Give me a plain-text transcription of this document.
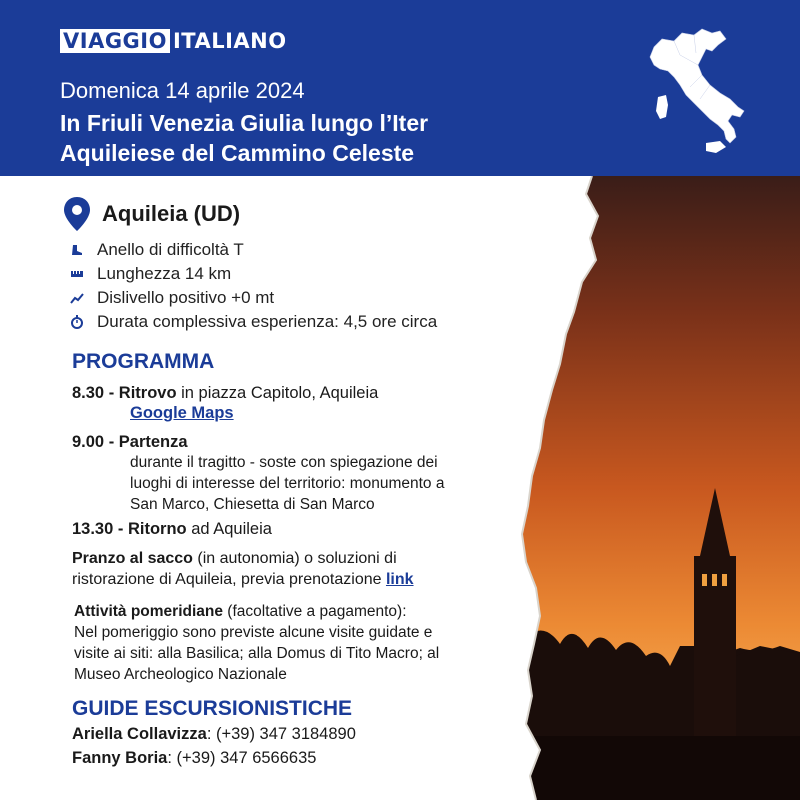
VIAGGIO ITALIANO
Domenica 14 aprile 2024
In Friuli Venezia Giulia lungo l’Iter
Aquileiese del Cammino Celeste
Aquileia (UD)
Anello di difficoltà T
Lunghezza 14 km
Dislivello positivo +0 mt
Durata complessiva esperienza: 4,5 ore circa
PROGRAMMA
8.30 - Ritrovo in piazza Capitolo, Aquileia
Google Maps
9.00 - Partenza
durante il tragitto - soste con spiegazione dei
luoghi di interesse del territorio: monumento a
San Marco, Chiesetta di San Marco
13.30 - Ritorno ad Aquileia
Pranzo al sacco (in autonomia) o soluzioni di
ristorazione di Aquileia, previa prenotazione link
Attività pomeridiane (facoltative a pagamento):
Nel pomeriggio sono previste alcune visite guidate e
visite ai siti: alla Basilica; alla Domus di Tito Macro; al
Museo Archeologico Nazionale
GUIDE ESCURSIONISTICHE
Ariella Collavizza: (+39) 347 3184890
Fanny Boria: (+39) 347 6566635
